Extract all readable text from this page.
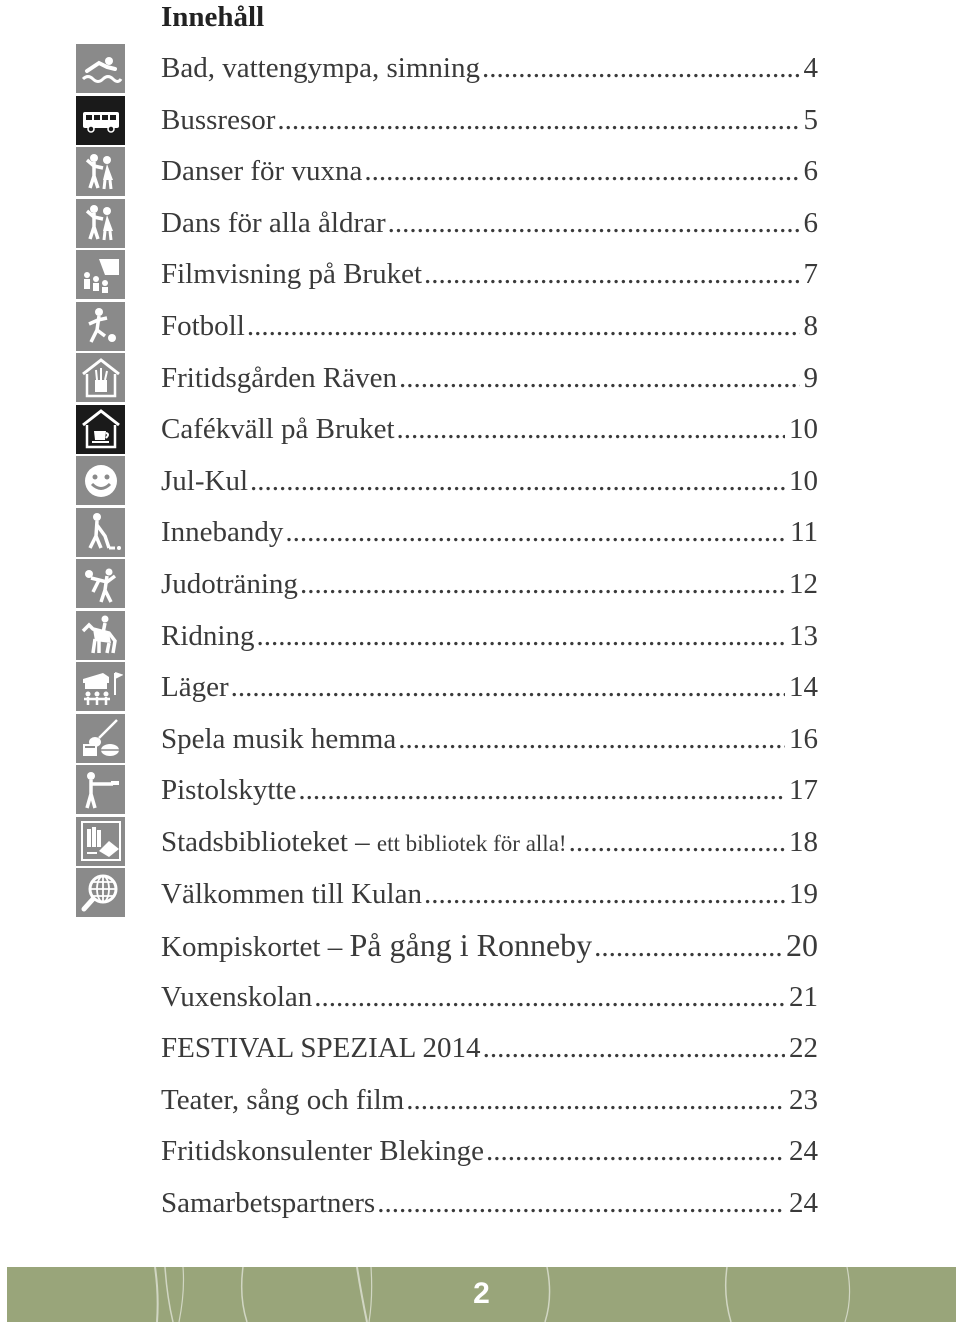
Innehåll
Bad, vattengympa, simning .....	4
Bussresor .....	5
Danser för vuxna .....	6
Dans för alla åldrar .....	6
Filmvisning på Bruket .....	7
Fotboll .....	8
Fritidsgården Räven .....	9
Cafékväll på Bruket .....	10
Jul-Kul .....	10
Innebandy .....	11
Judoträning .....	12
Ridning .....	13
Läger .....	14
Spela musik hemma .....	16
Pistolskytte .....	17
Stadsbiblioteket – ett bibliotek för alla! .....	18
Välkommen till Kulan .....	19
Kompiskortet – På gång i Ronneby .....	20
Vuxenskolan .....	21
FESTIVAL SPEZIAL 2014 .....	22
Teater, sång och film .....	23
Fritidskonsulenter Blekinge .....	24
Samarbetspartners .....	24
2
